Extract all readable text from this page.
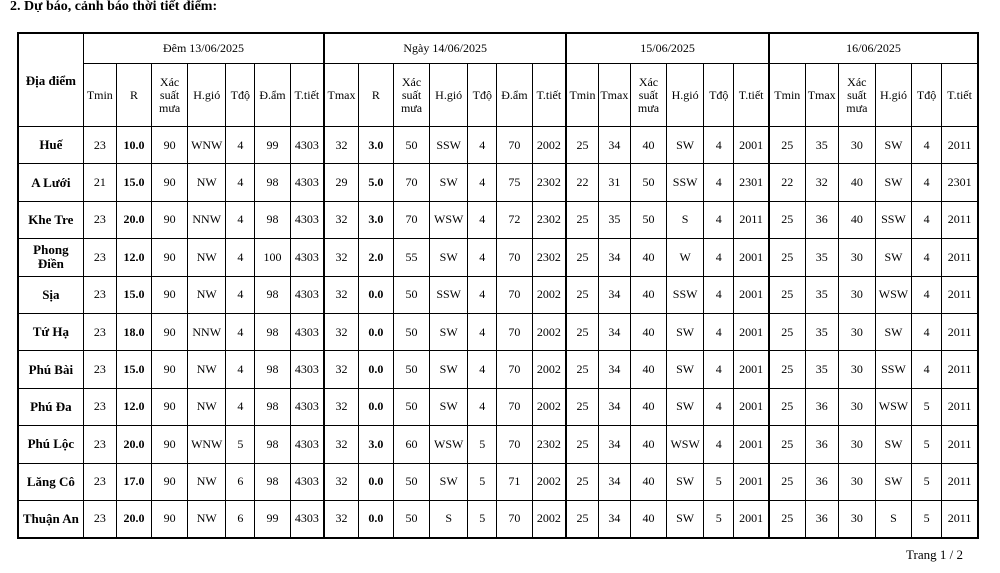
2. Dự báo, cảnh báo thời tiết điểm:
Địa điểm	Đêm 13/06/2025							Ngày 14/06/2025							15/06/2025						16/06/2025					
	Tmin	R	Xác suất mưa	H.gió	Tđộ	Đ.ẩm	T.tiết	Tmax	R	Xác suất mưa	H.gió	Tđộ	Đ.ẩm	T.tiết	Tmin	Tmax	Xác suất mưa	H.gió	Tđộ	T.tiết	Tmin	Tmax	Xác suất mưa	H.gió	Tđộ	T.tiết
Huế	23	10.0	90	WNW	4	99	4303	32	3.0	50	SSW	4	70	2002	25	34	40	SW	4	2001	25	35	30	SW	4	2011
A Lưới	21	15.0	90	NW	4	98	4303	29	5.0	70	SW	4	75	2302	22	31	50	SSW	4	2301	22	32	40	SW	4	2301
Khe Tre	23	20.0	90	NNW	4	98	4303	32	3.0	70	WSW	4	72	2302	25	35	50	S	4	2011	25	36	40	SSW	4	2011
Phong Điền	23	12.0	90	NW	4	100	4303	32	2.0	55	SW	4	70	2302	25	34	40	W	4	2001	25	35	30	SW	4	2011
Sịa	23	15.0	90	NW	4	98	4303	32	0.0	50	SSW	4	70	2002	25	34	40	SSW	4	2001	25	35	30	WSW	4	2011
Tứ Hạ	23	18.0	90	NNW	4	98	4303	32	0.0	50	SW	4	70	2002	25	34	40	SW	4	2001	25	35	30	SW	4	2011
Phú Bài	23	15.0	90	NW	4	98	4303	32	0.0	50	SW	4	70	2002	25	34	40	SW	4	2001	25	35	30	SSW	4	2011
Phú Đa	23	12.0	90	NW	4	98	4303	32	0.0	50	SW	4	70	2002	25	34	40	SW	4	2001	25	36	30	WSW	5	2011
Phú Lộc	23	20.0	90	WNW	5	98	4303	32	3.0	60	WSW	5	70	2302	25	34	40	WSW	4	2001	25	36	30	SW	5	2011
Lăng Cô	23	17.0	90	NW	6	98	4303	32	0.0	50	SW	5	71	2002	25	34	40	SW	5	2001	25	36	30	SW	5	2011
Thuận An	23	20.0	90	NW	6	99	4303	32	0.0	50	S	5	70	2002	25	34	40	SW	5	2001	25	36	30	S	5	2011
Trang 1 / 2
